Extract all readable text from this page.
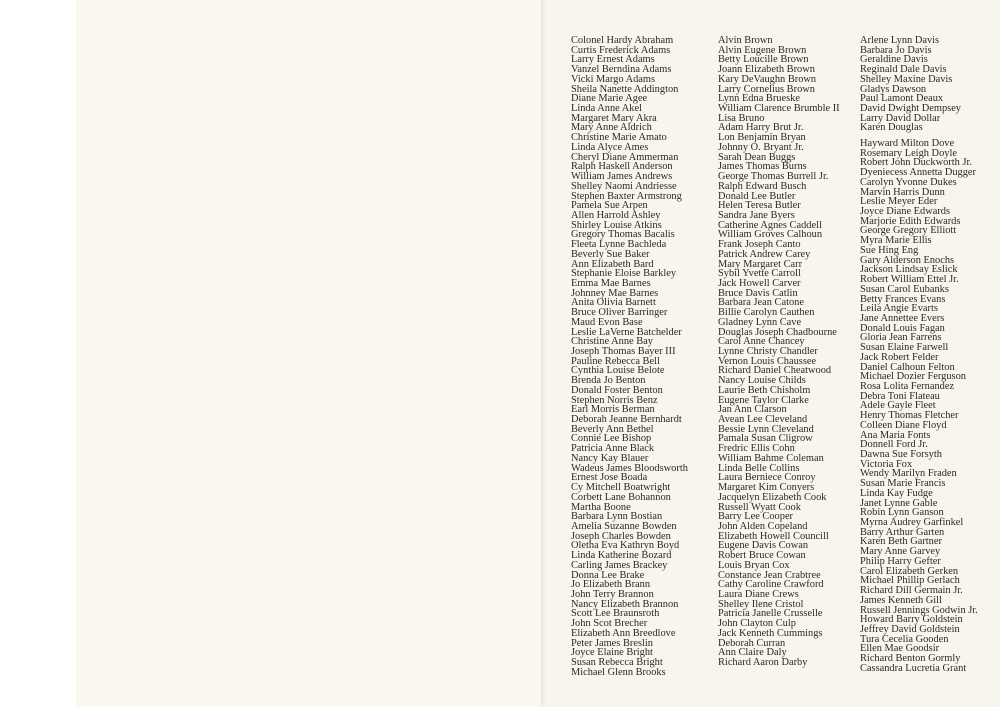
Colonel Hardy Abraham
Curtis Frederick Adams
Larry Ernest Adams
Vanzel Berndina Adams
Vicki Margo Adams
Sheila Nanette Addington
Diane Marie Agee
Linda Anne Akel
Margaret Mary Akra
Mary Anne Aldrich
Christine Marie Amato
Linda Alyce Ames
Cheryl Diane Ammerman
Ralph Haskell Anderson
William James Andrews
Shelley Naomi Andriesse
Stephen Baxter Armstrong
Pamela Sue Arpen
Allen Harrold Ashley
Shirley Louise Atkins
Gregory Thomas Bacalis
Fleeta Lynne Bachleda
Beverly Sue Baker
Ann Elizabeth Bard
Stephanie Eloise Barkley
Emma Mae Barnes
Johnney Mae Barnes
Anita Olivia Barnett
Bruce Oliver Barringer
Maud Evon Base
Leslie LaVerne Batchelder
Christine Anne Bay
Joseph Thomas Bayer III
Pauline Rebecca Bell
Cynthia Louise Belote
Brenda Jo Benton
Donald Foster Benton
Stephen Norris Benz
Earl Morris Berman
Deborah Jeanne Bernhardt
Beverly Ann Bethel
Connie Lee Bishop
Patricia Anne Black
Nancy Kay Blauer
Wadeus James Bloodsworth
Ernest Jose Boada
Cy Mitchell Boatwright
Corbett Lane Bohannon
Martha Boone
Barbara Lynn Bostian
Amelia Suzanne Bowden
Joseph Charles Bowden
Oletha Eva Kathryn Boyd
Linda Katherine Bozard
Carling James Brackey
Donna Lee Brake
Jo Elizabeth Brann
John Terry Brannon
Nancy Elizabeth Brannon
Scott Lee Braunsroth
John Scot Brecher
Elizabeth Ann Breedlove
Peter James Breslin
Joyce Elaine Bright
Susan Rebecca Bright
Michael Glenn Brooks
Alvin Brown
Alvin Eugene Brown
Betty Loucille Brown
Joann Elizabeth Brown
Kary DeVaughn Brown
Larry Cornelius Brown
Lynn Edna Brueske
William Clarence Brumble II
Lisa Bruno
Adam Harry Brut Jr.
Lon Benjamin Bryan
Johnny O. Bryant Jr.
Sarah Dean Buggs
James Thomas Burns
George Thomas Burrell Jr.
Ralph Edward Busch
Donald Lee Butler
Helen Teresa Butler
Sandra Jane Byers
Catherine Agnes Caddell
William Groves Calhoun
Frank Joseph Canto
Patrick Andrew Carey
Mary Margaret Carr
Sybil Yvette Carroll
Jack Howell Carver
Bruce Davis Catlin
Barbara Jean Catone
Billie Carolyn Cauthen
Gladney Lynn Cave
Douglas Joseph Chadbourne
Carol Anne Chancey
Lynne Christy Chandler
Vernon Louis Chaussee
Richard Daniel Cheatwood
Nancy Louise Childs
Laurie Beth Chisholm
Eugene Taylor Clarke
Jan Ann Clarson
Avean Lee Cleveland
Bessie Lynn Cleveland
Pamala Susan Cligrow
Fredric Ellis Cohn
William Bahme Coleman
Linda Belle Collins
Laura Berniece Conroy
Margaret Kim Conyers
Jacquelyn Elizabeth Cook
Russell Wyatt Cook
Barry Lee Cooper
John Alden Copeland
Elizabeth Howell Councill
Eugene Davis Cowan
Robert Bruce Cowan
Louis Bryan Cox
Constance Jean Crabtree
Cathy Caroline Crawford
Laura Diane Crews
Shelley Ilene Cristol
Patricia Janelle Crusselle
John Clayton Culp
Jack Kenneth Cummings
Deborah Curran
Ann Claire Daly
Richard Aaron Darby
Arlene Lynn Davis
Barbara Jo Davis
Geraldine Davis
Reginald Dale Davis
Shelley Maxine Davis
Gladys Dawson
Paul Lamont Deaux
David Dwight Dempsey
Larry David Dollar
Karen Douglas
Hayward Milton Dove
Rosemary Leigh Doyle
Robert John Duckworth Jr.
Dyeniecess Annetta Dugger
Carolyn Yvonne Dukes
Marvin Harris Dunn
Leslie Meyer Eder
Joyce Diane Edwards
Marjorie Edith Edwards
George Gregory Elliott
Myra Marie Ellis
Sue Hing Eng
Gary Alderson Enochs
Jackson Lindsay Eslick
Robert William Ettel Jr.
Susan Carol Eubanks
Betty Frances Evans
Leila Angie Evarts
Jane Annettee Evers
Donald Louis Fagan
Gloria Jean Farrens
Susan Elaine Farwell
Jack Robert Felder
Daniel Calhoun Felton
Michael Dozier Ferguson
Rosa Lolita Fernandez
Debra Toni Flateau
Adele Gayle Fleet
Henry Thomas Fletcher
Colleen Diane Floyd
Ana Maria Fonts
Donnell Ford Jr.
Dawna Sue Forsyth
Victoria Fox
Wendy Marilyn Fraden
Susan Marie Francis
Linda Kay Fudge
Janet Lynne Gable
Robin Lynn Ganson
Myrna Audrey Garfinkel
Barry Arthur Garten
Karen Beth Gartner
Mary Anne Garvey
Philip Harry Gefter
Carol Elizabeth Gerken
Michael Phillip Gerlach
Richard Dill Germain Jr.
James Kenneth Gill
Russell Jennings Godwin Jr.
Howard Barry Goldstein
Jeffrey David Goldstein
Tura Cecelia Gooden
Ellen Mae Goodsir
Richard Benton Gormly
Cassandra Lucretia Grant
